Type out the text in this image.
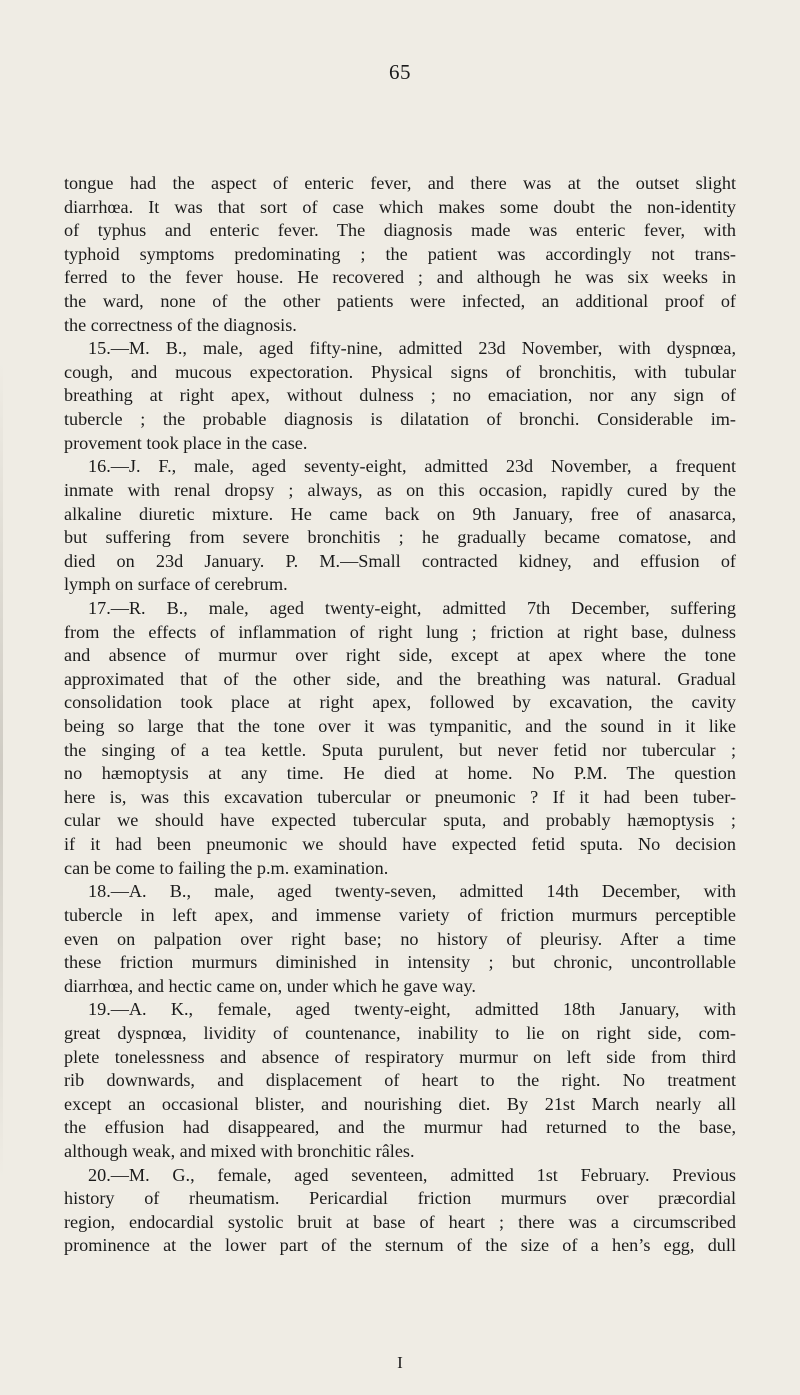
65
tongue had the aspect of enteric fever, and there was at the outset slight
diarrhœa. It was that sort of case which makes some doubt the non-identity
of typhus and enteric fever. The diagnosis made was enteric fever, with
typhoid symptoms predominating ; the patient was accordingly not trans-
ferred to the fever house. He recovered ; and although he was six weeks in
the ward, none of the other patients were infected, an additional proof of
the correctness of the diagnosis.
15.—M. B., male, aged fifty-nine, admitted 23d November, with dyspnœa,
cough, and mucous expectoration. Physical signs of bronchitis, with tubular
breathing at right apex, without dulness ; no emaciation, nor any sign of
tubercle ; the probable diagnosis is dilatation of bronchi. Considerable im-
provement took place in the case.
16.—J. F., male, aged seventy-eight, admitted 23d November, a frequent
inmate with renal dropsy ; always, as on this occasion, rapidly cured by the
alkaline diuretic mixture. He came back on 9th January, free of anasarca,
but suffering from severe bronchitis ; he gradually became comatose, and
died on 23d January. P. M.—Small contracted kidney, and effusion of
lymph on surface of cerebrum.
17.—R. B., male, aged twenty-eight, admitted 7th December, suffering
from the effects of inflammation of right lung ; friction at right base, dulness
and absence of murmur over right side, except at apex where the tone
approximated that of the other side, and the breathing was natural. Gradual
consolidation took place at right apex, followed by excavation, the cavity
being so large that the tone over it was tympanitic, and the sound in it like
the singing of a tea kettle. Sputa purulent, but never fetid nor tubercular ;
no hæmoptysis at any time. He died at home. No P.M. The question
here is, was this excavation tubercular or pneumonic ? If it had been tuber-
cular we should have expected tubercular sputa, and probably hæmoptysis ;
if it had been pneumonic we should have expected fetid sputa. No decision
can be come to failing the p.m. examination.
18.—A. B., male, aged twenty-seven, admitted 14th December, with
tubercle in left apex, and immense variety of friction murmurs perceptible
even on palpation over right base; no history of pleurisy. After a time
these friction murmurs diminished in intensity ; but chronic, uncontrollable
diarrhœa, and hectic came on, under which he gave way.
19.—A. K., female, aged twenty-eight, admitted 18th January, with
great dyspnœa, lividity of countenance, inability to lie on right side, com-
plete tonelessness and absence of respiratory murmur on left side from third
rib downwards, and displacement of heart to the right. No treatment
except an occasional blister, and nourishing diet. By 21st March nearly all
the effusion had disappeared, and the murmur had returned to the base,
although weak, and mixed with bronchitic râles.
20.—M. G., female, aged seventeen, admitted 1st February. Previous
history of rheumatism. Pericardial friction murmurs over præcordial
region, endocardial systolic bruit at base of heart ; there was a circumscribed
prominence at the lower part of the sternum of the size of a hen’s egg, dull
I
